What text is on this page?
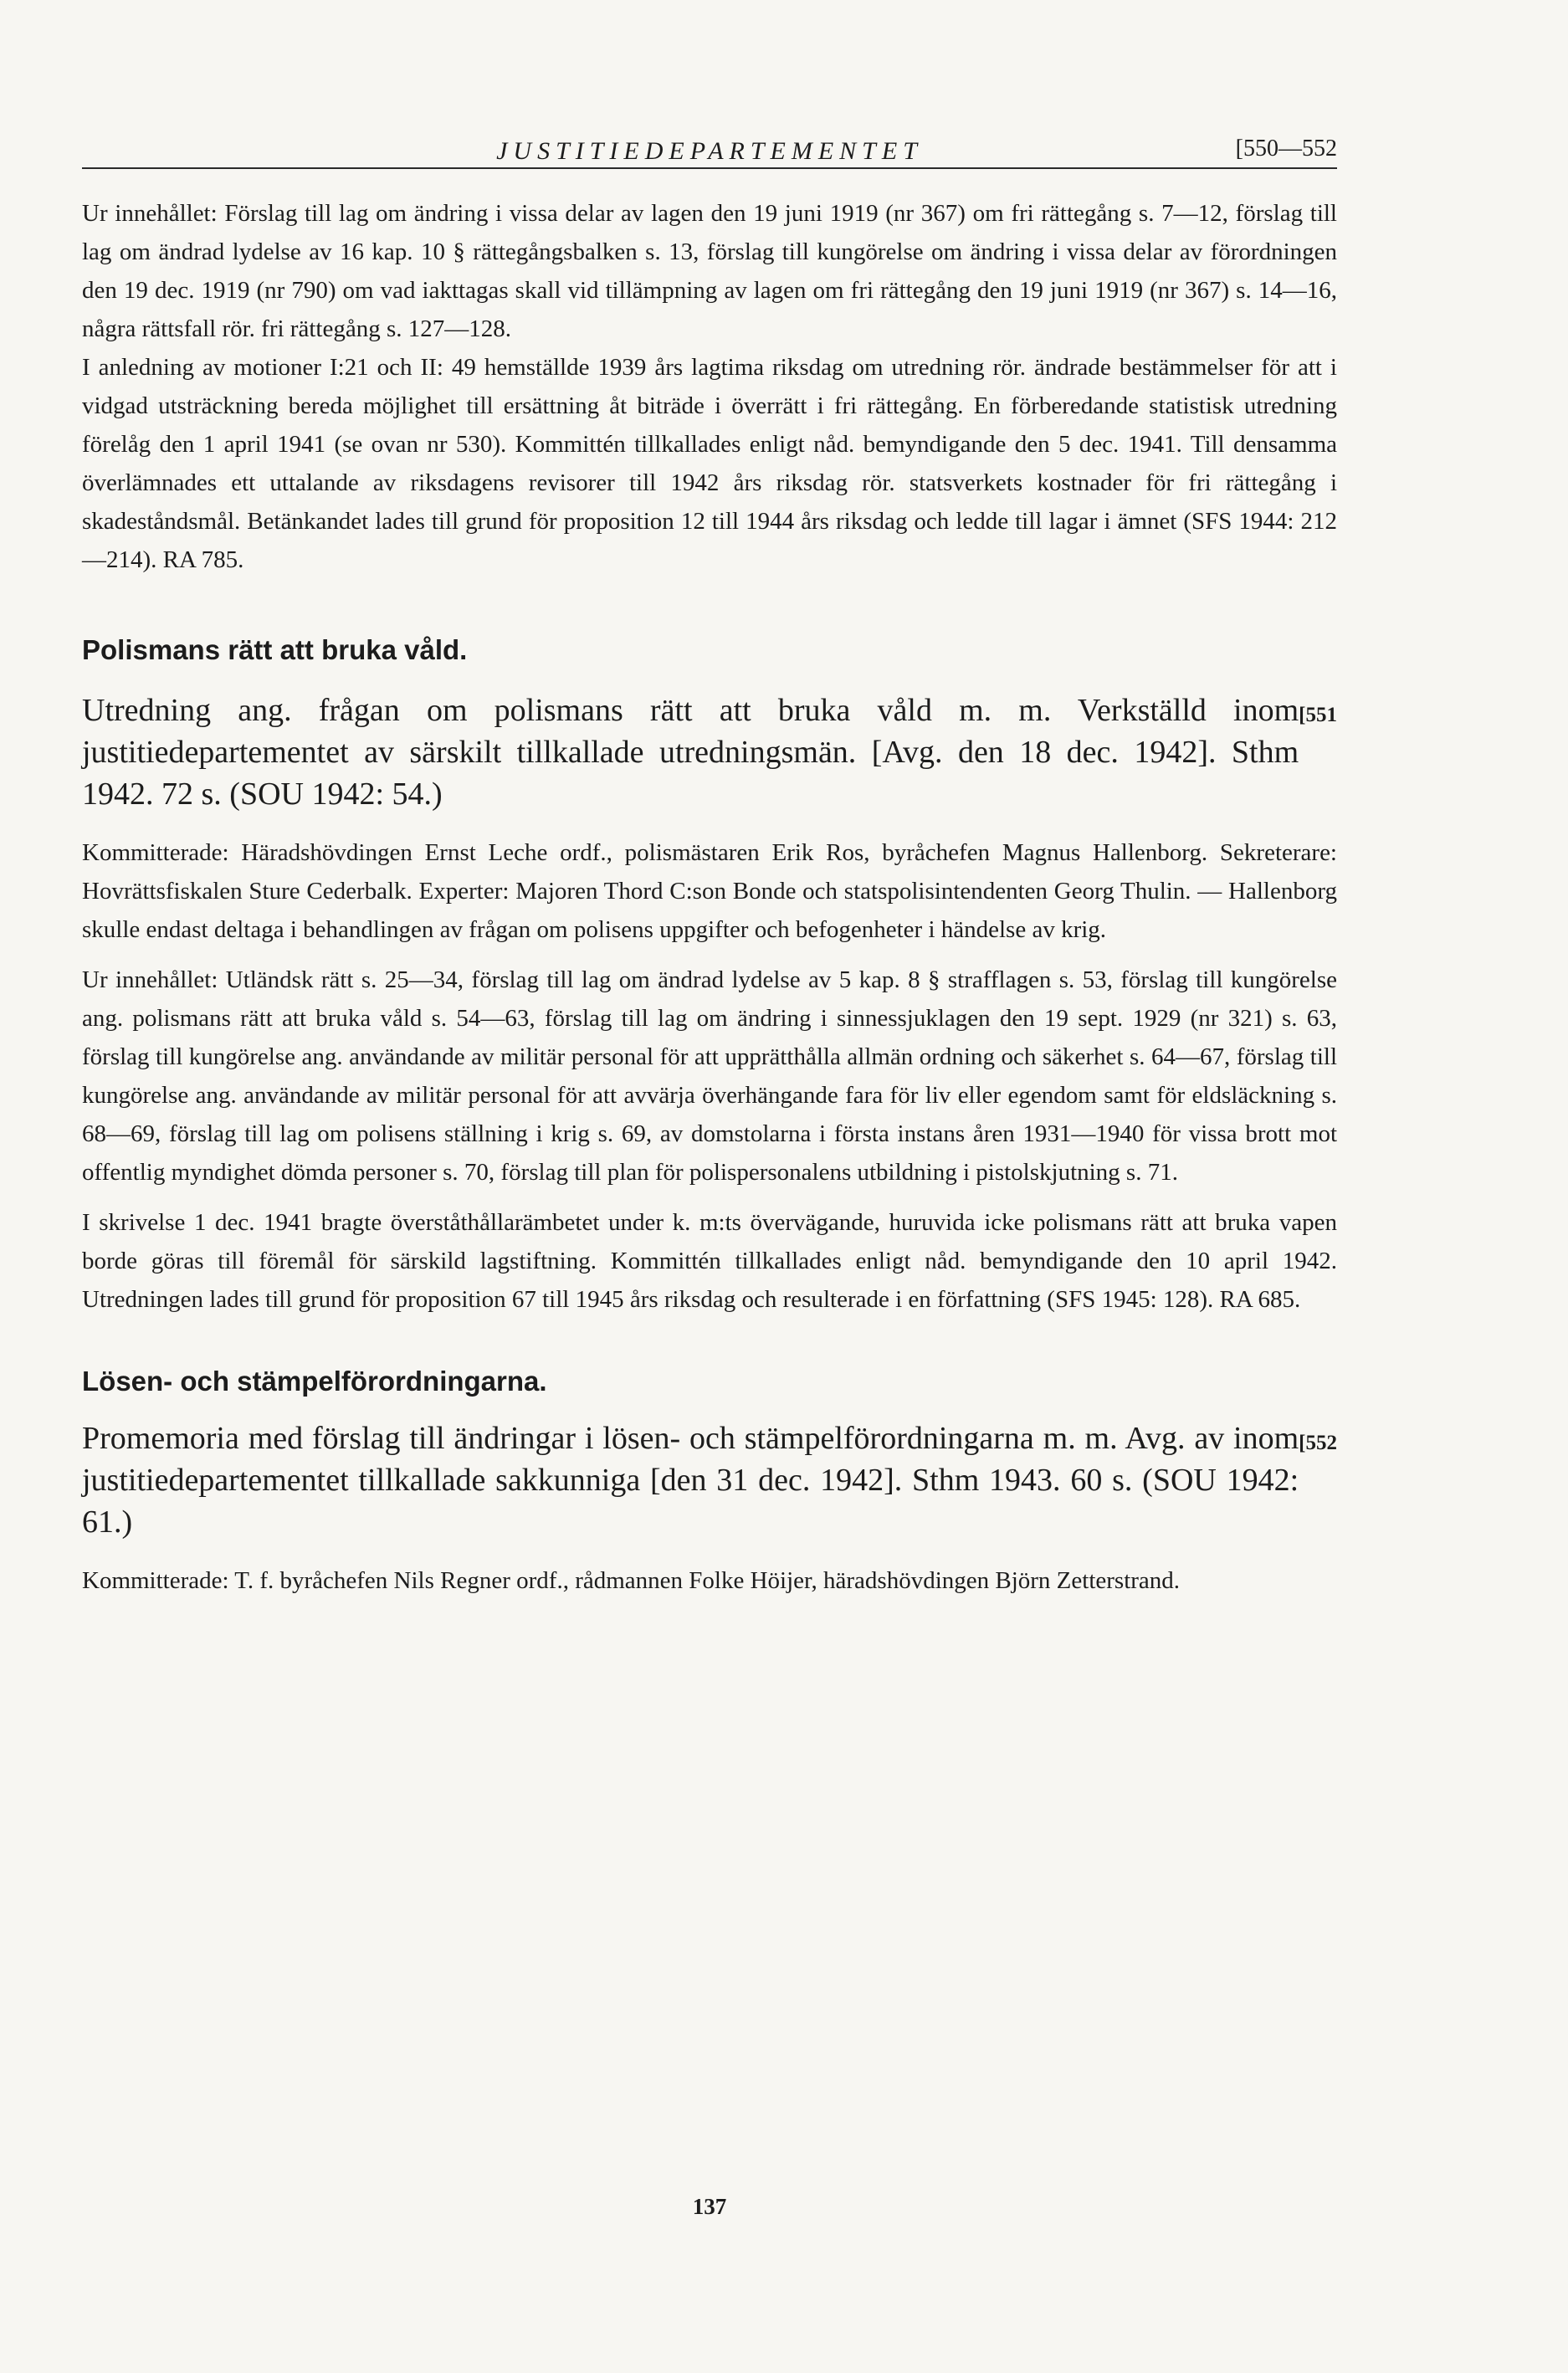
JUSTITIEDEPARTEMENTET	[550—552

Ur innehållet: Förslag till lag om ändring i vissa delar av lagen den 19 juni 1919 (nr 367) om fri rättegång s. 7—12, förslag till lag om ändrad lydelse av 16 kap. 10 § rättegångsbalken s. 13, förslag till kungörelse om ändring i vissa delar av förordningen den 19 dec. 1919 (nr 790) om vad iakttagas skall vid tillämpning av lagen om fri rättegång den 19 juni 1919 (nr 367) s. 14—16, några rättsfall rör. fri rättegång s. 127—128.

I anledning av motioner I:21 och II: 49 hemställde 1939 års lagtima riksdag om utredning rör. ändrade bestämmelser för att i vidgad utsträckning bereda möjlighet till ersättning åt biträde i överrätt i fri rättegång. En förberedande statistisk utredning förelåg den 1 april 1941 (se ovan nr 530). Kommittén tillkallades enligt nåd. bemyndigande den 5 dec. 1941. Till densamma överlämnades ett uttalande av riksdagens revisorer till 1942 års riksdag rör. statsverkets kostnader för fri rättegång i skadeståndsmål. Betänkandet lades till grund för proposition 12 till 1944 års riksdag och ledde till lagar i ämnet (SFS 1944: 212—214). RA 785.

Polismans rätt att bruka våld.

[551
Utredning ang. frågan om polismans rätt att bruka våld m. m. Verkställd inom justitiedepartementet av särskilt tillkallade utredningsmän. [Avg. den 18 dec. 1942]. Sthm 1942. 72 s. (SOU 1942: 54.)

Kommitterade: Häradshövdingen Ernst Leche ordf., polismästaren Erik Ros, byråchefen Magnus Hallenborg. Sekreterare: Hovrättsfiskalen Sture Cederbalk. Experter: Majoren Thord C:son Bonde och statspolisintendenten Georg Thulin. — Hallenborg skulle endast deltaga i behandlingen av frågan om polisens uppgifter och befogenheter i händelse av krig.

Ur innehållet: Utländsk rätt s. 25—34, förslag till lag om ändrad lydelse av 5 kap. 8 § strafflagen s. 53, förslag till kungörelse ang. polismans rätt att bruka våld s. 54—63, förslag till lag om ändring i sinnessjuklagen den 19 sept. 1929 (nr 321) s. 63, förslag till kungörelse ang. användande av militär personal för att upprätthålla allmän ordning och säkerhet s. 64—67, förslag till kungörelse ang. användande av militär personal för att avvärja överhängande fara för liv eller egendom samt för eldsläckning s. 68—69, förslag till lag om polisens ställning i krig s. 69, av domstolarna i första instans åren 1931—1940 för vissa brott mot offentlig myndighet dömda personer s. 70, förslag till plan för polispersonalens utbildning i pistolskjutning s. 71.

I skrivelse 1 dec. 1941 bragte överståthållarämbetet under k. m:ts övervägande, huruvida icke polismans rätt att bruka vapen borde göras till föremål för särskild lagstiftning. Kommittén tillkallades enligt nåd. bemyndigande den 10 april 1942. Utredningen lades till grund för proposition 67 till 1945 års riksdag och resulterade i en författning (SFS 1945: 128). RA 685.

Lösen- och stämpelförordningarna.

[552
Promemoria med förslag till ändringar i lösen- och stämpelförordningarna m. m. Avg. av inom justitiedepartementet tillkallade sakkunniga [den 31 dec. 1942]. Sthm 1943. 60 s. (SOU 1942: 61.)

Kommitterade: T. f. byråchefen Nils Regner ordf., rådmannen Folke Höijer, häradshövdingen Björn Zetterstrand.

137
